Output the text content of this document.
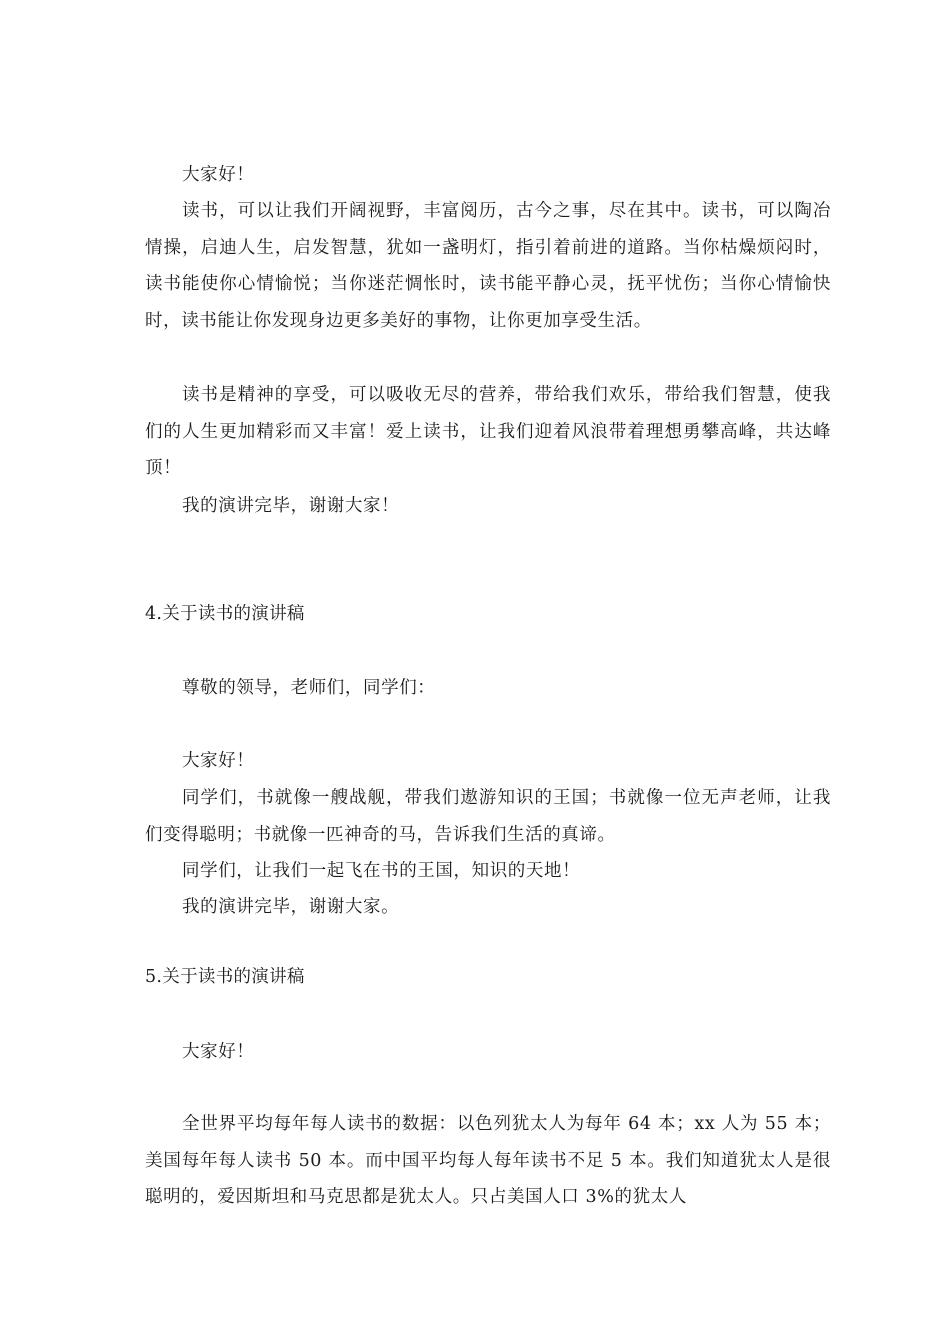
大家好！

读书，可以让我们开阔视野，丰富阅历，古今之事，尽在其中。读书，可以陶冶情操，启迪人生，启发智慧，犹如一盏明灯，指引着前进的道路。当你枯燥烦闷时，读书能使你心情愉悦；当你迷茫惆怅时，读书能平静心灵，抚平忧伤；当你心情愉快时，读书能让你发现身边更多美好的事物，让你更加享受生活。

读书是精神的享受，可以吸收无尽的营养，带给我们欢乐，带给我们智慧，使我们的人生更加精彩而又丰富！爱上读书，让我们迎着风浪带着理想勇攀高峰，共达峰顶！

我的演讲完毕，谢谢大家！

4.关于读书的演讲稿

尊敬的领导，老师们，同学们：

大家好！

同学们，书就像一艘战舰，带我们遨游知识的王国；书就像一位无声老师，让我们变得聪明；书就像一匹神奇的马，告诉我们生活的真谛。

同学们，让我们一起飞在书的王国，知识的天地！

我的演讲完毕，谢谢大家。

5.关于读书的演讲稿

大家好！

全世界平均每年每人读书的数据：以色列犹太人为每年 64 本；xx 人为 55 本；美国每年每人读书 50 本。而中国平均每人每年读书不足 5 本。我们知道犹太人是很聪明的，爱因斯坦和马克思都是犹太人。只占美国人口 3%的犹太人
